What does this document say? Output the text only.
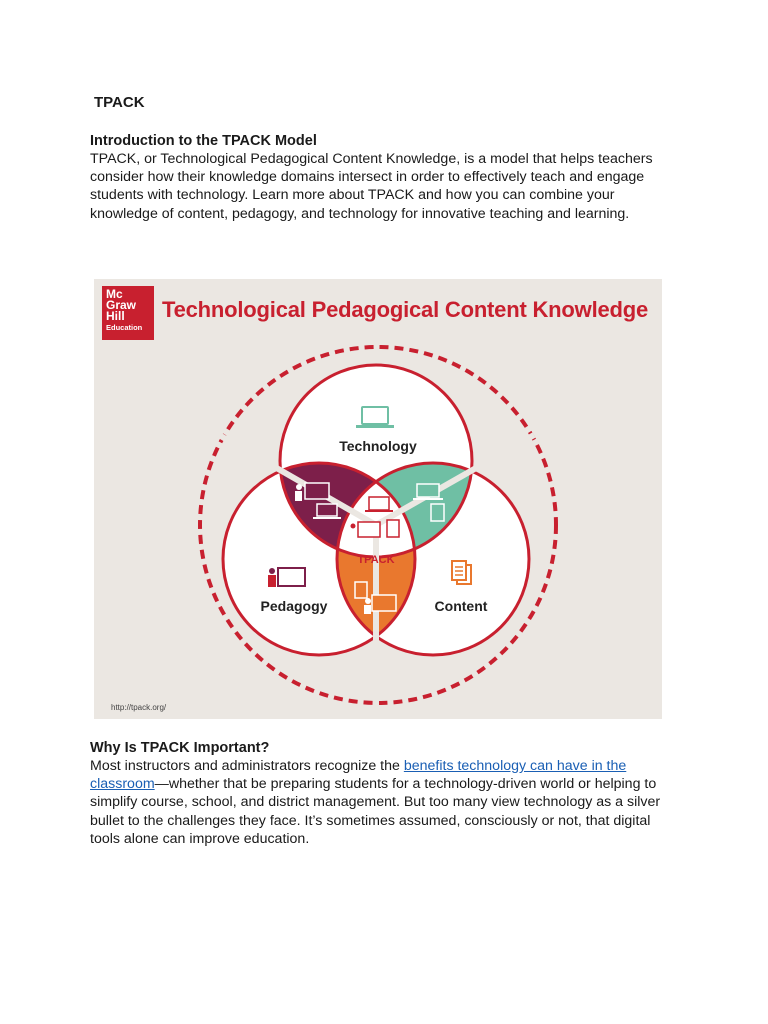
TPACK
Introduction to the TPACK Model

TPACK, or Technological Pedagogical Content Knowledge, is a model that helps teachers consider how their knowledge domains intersect in order to effectively teach and engage students with technology. Learn more about TPACK and how you can combine your knowledge of content, pedagogy, and technology for innovative teaching and learning.

Technology
Pedagogy	Content
TPACK
Mc
Graw
Hill
Education
Technological Pedagogical Content Knowledge
http://tpack.org/
Why Is TPACK Important?

Most instructors and administrators recognize the benefits technology can have in the classroom—whether that be preparing students for a technology-driven world or helping to simplify course, school, and district management. But too many view technology as a silver bullet to the challenges they face. It’s sometimes assumed, consciously or not, that digital tools alone can improve education.
